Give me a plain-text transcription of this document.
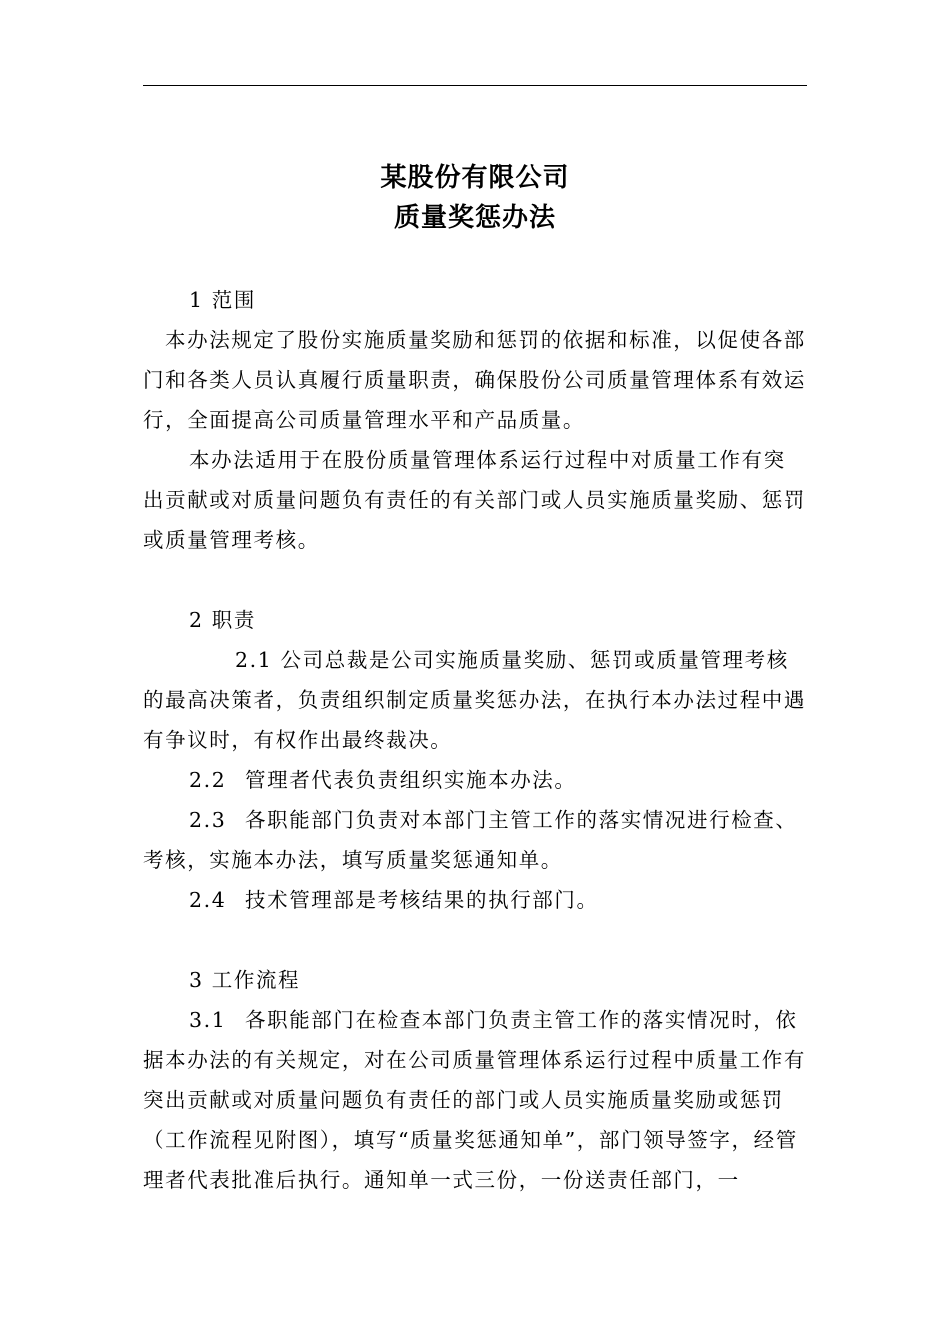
某股份有限公司
质量奖惩办法

1 范围

本办法规定了股份实施质量奖励和惩罚的依据和标准，以促使各部门和各类人员认真履行质量职责，确保股份公司质量管理体系有效运行，全面提高公司质量管理水平和产品质量。

本办法适用于在股份质量管理体系运行过程中对质量工作有突出贡献或对质量问题负有责任的有关部门或人员实施质量奖励、惩罚或质量管理考核。

2 职责

2.1 公司总裁是公司实施质量奖励、惩罚或质量管理考核的最高决策者，负责组织制定质量奖惩办法，在执行本办法过程中遇有争议时，有权作出最终裁决。

2.2 管理者代表负责组织实施本办法。

2.3 各职能部门负责对本部门主管工作的落实情况进行检查、考核，实施本办法，填写质量奖惩通知单。

2.4 技术管理部是考核结果的执行部门。

3 工作流程

3.1 各职能部门在检查本部门负责主管工作的落实情况时，依据本办法的有关规定，对在公司质量管理体系运行过程中质量工作有突出贡献或对质量问题负有责任的部门或人员实施质量奖励或惩罚（工作流程见附图），填写“质量奖惩通知单”，部门领导签字，经管理者代表批准后执行。通知单一式三份，一份送责任部门，一
